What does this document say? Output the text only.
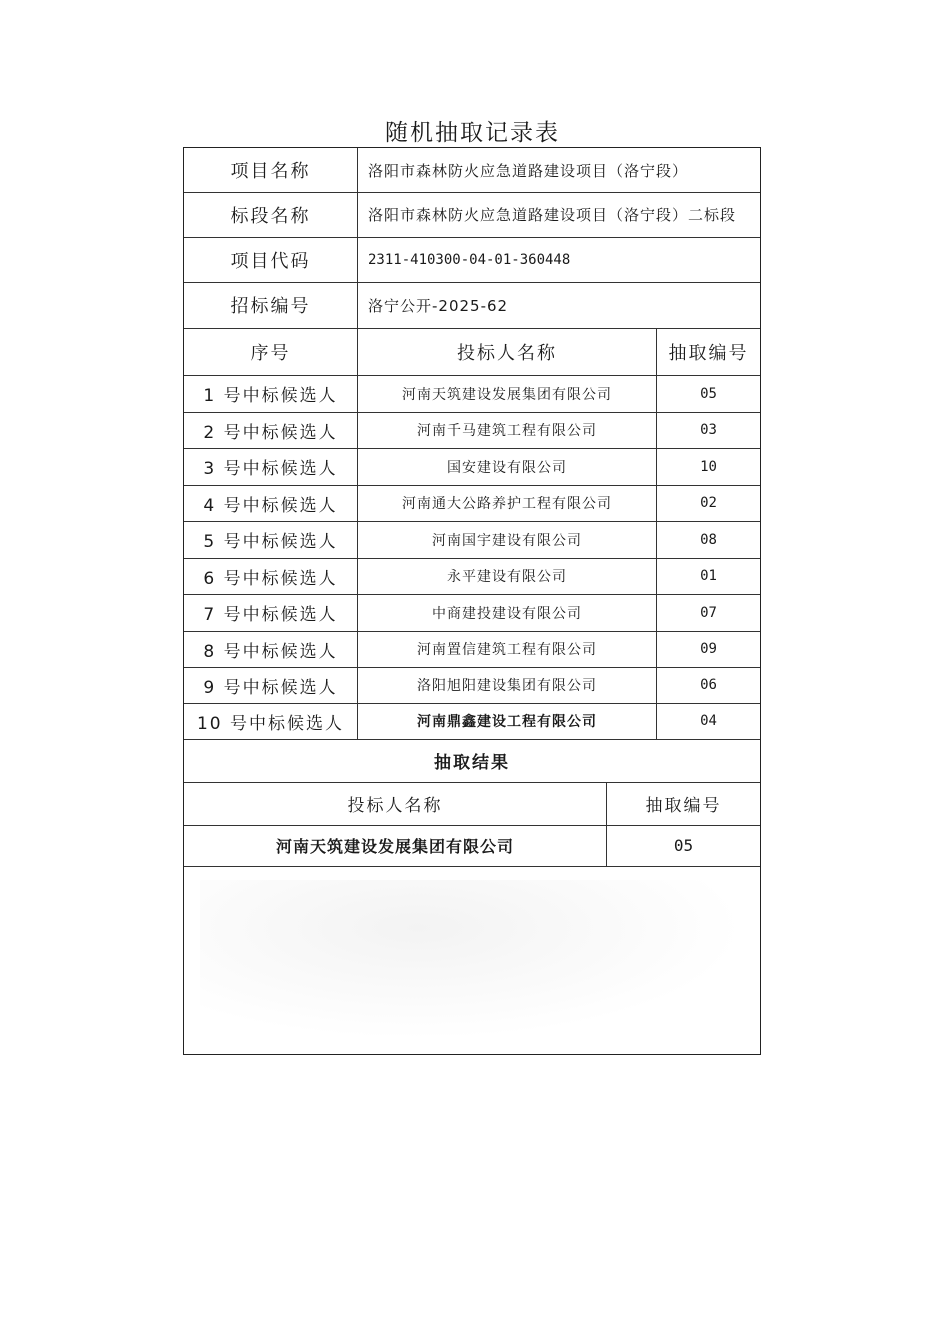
随机抽取记录表
项目名称	洛阳市森林防火应急道路建设项目（洛宁段）
标段名称	洛阳市森林防火应急道路建设项目（洛宁段）二标段
项目代码	2311-410300-04-01-360448
招标编号	洛宁公开-2025-62
序号	投标人名称	抽取编号
1 号中标候选人	河南天筑建设发展集团有限公司	05
2 号中标候选人	河南千马建筑工程有限公司	03
3 号中标候选人	国安建设有限公司	10
4 号中标候选人	河南通大公路养护工程有限公司	02
5 号中标候选人	河南国宇建设有限公司	08
6 号中标候选人	永平建设有限公司	01
7 号中标候选人	中商建投建设有限公司	07
8 号中标候选人	河南置信建筑工程有限公司	09
9 号中标候选人	洛阳旭阳建设集团有限公司	06
10 号中标候选人	河南鼎鑫建设工程有限公司	04
抽取结果
投标人名称	抽取编号
河南天筑建设发展集团有限公司	05
